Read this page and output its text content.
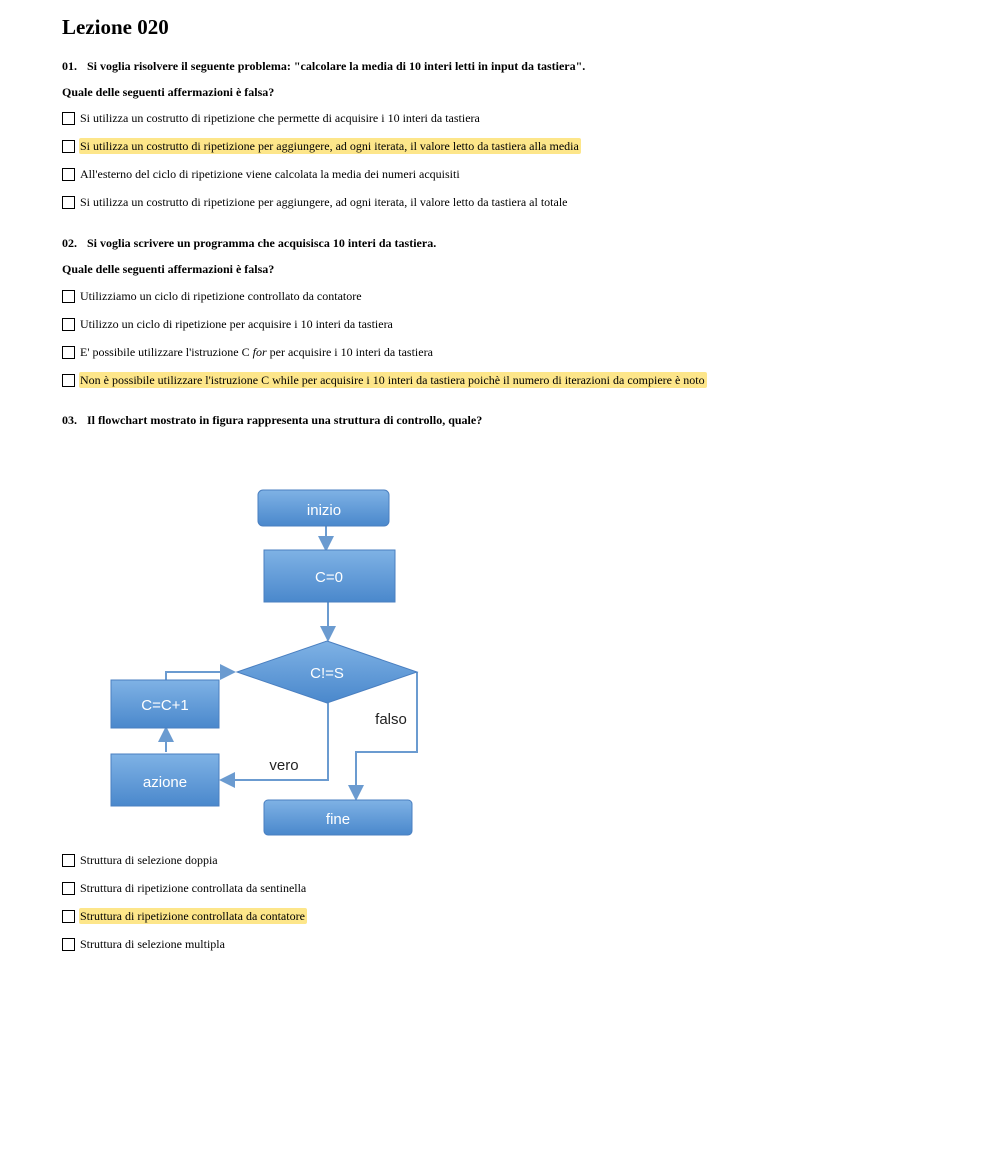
Lezione 020
01. Si voglia risolvere il seguente problema: "calcolare la media di 10 interi letti in input da tastiera".
Quale delle seguenti affermazioni è falsa?
Si utilizza un costrutto di ripetizione che permette di acquisire i 10 interi da tastiera
Si utilizza un costrutto di ripetizione per aggiungere, ad ogni iterata, il valore letto da tastiera alla media
All'esterno del ciclo di ripetizione viene calcolata la media dei numeri acquisiti
Si utilizza un costrutto di ripetizione per aggiungere, ad ogni iterata, il valore letto da tastiera al totale
02. Si voglia scrivere un programma che acquisisca 10 interi da tastiera.
Quale delle seguenti affermazioni è falsa?
Utilizziamo un ciclo di ripetizione controllato da contatore
Utilizzo un ciclo di ripetizione per acquisire i 10 interi da tastiera
E' possibile utilizzare l'istruzione C for per acquisire i 10 interi da tastiera
Non è possibile utilizzare l'istruzione C while per acquisire i 10 interi da tastiera poichè il numero di iterazioni da compiere è noto
03. Il flowchart mostrato in figura rappresenta una struttura di controllo, quale?
Struttura di selezione doppia
Struttura di ripetizione controllata da sentinella
Struttura di ripetizione controllata da contatore
Struttura di selezione multipla
inizio
C=0
C!=S
C=C+1
azione
fine
vero
falso
